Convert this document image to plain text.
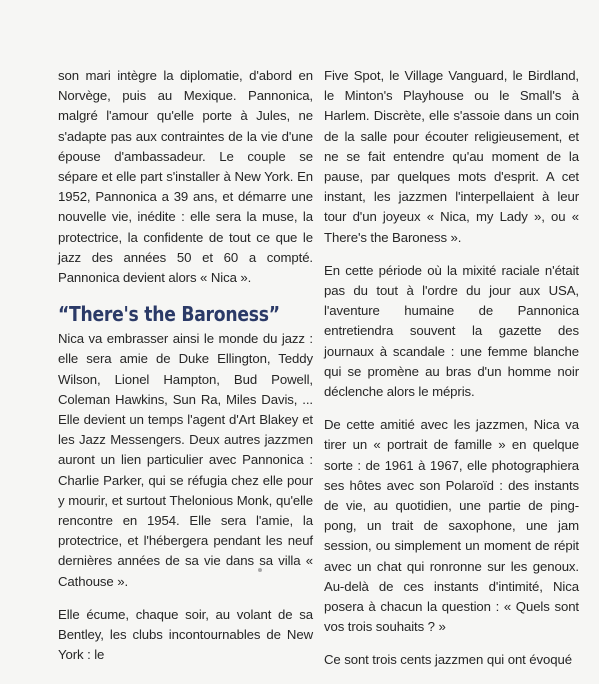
son mari intègre la diplomatie, d'abord en Norvège, puis au Mexique. Pannonica, malgré l'amour qu'elle porte à Jules, ne s'adapte pas aux contraintes de la vie d'une épouse d'ambassadeur. Le couple se sépare et elle part s'installer à New York. En 1952, Pannonica a 39 ans, et démarre une nouvelle vie, inédite : elle sera la muse, la protectrice, la confidente de tout ce que le jazz des années 50 et 60 a compté. Pannonica devient alors « Nica ».

“There's the Baroness”

Nica va embrasser ainsi le monde du jazz : elle sera amie de Duke Ellington, Teddy Wilson, Lionel Hampton, Bud Powell, Coleman Hawkins, Sun Ra, Miles Davis, ... Elle devient un temps l'agent d'Art Blakey et les Jazz Messengers. Deux autres jazzmen auront un lien particulier avec Pannonica : Charlie Parker, qui se réfugia chez elle pour y mourir, et surtout Thelonious Monk, qu'elle rencontre en 1954. Elle sera l'amie, la protectrice, et l'hébergera pendant les neuf dernières années de sa vie dans sa villa « Cathouse ».

Elle écume, chaque soir, au volant de sa Bentley, les clubs incontournables de New York : le

Five Spot, le Village Vanguard, le Birdland, le Minton's Playhouse ou le Small's à Harlem. Discrète, elle s'assoie dans un coin de la salle pour écouter religieusement, et ne se fait entendre qu'au moment de la pause, par quelques mots d'esprit. A cet instant, les jazzmen l'interpellaient à leur tour d'un joyeux « Nica, my Lady », ou « There's the Baroness ».

En cette période où la mixité raciale n'était pas du tout à l'ordre du jour aux USA, l'aventure humaine de Pannonica entretiendra souvent la gazette des journaux à scandale : une femme blanche qui se promène au bras d'un homme noir déclenche alors le mépris.

De cette amitié avec les jazzmen, Nica va tirer un « portrait de famille » en quelque sorte : de 1961 à 1967, elle photographiera ses hôtes avec son Polaroïd : des instants de vie, au quotidien, une partie de ping-pong, un trait de saxophone, une jam session, ou simplement un moment de répit avec un chat qui ronronne sur les genoux. Au-delà de ces instants d'intimité, Nica posera à chacun la question : « Quels sont vos trois souhaits ? »

Ce sont trois cents jazzmen qui ont évoqué
